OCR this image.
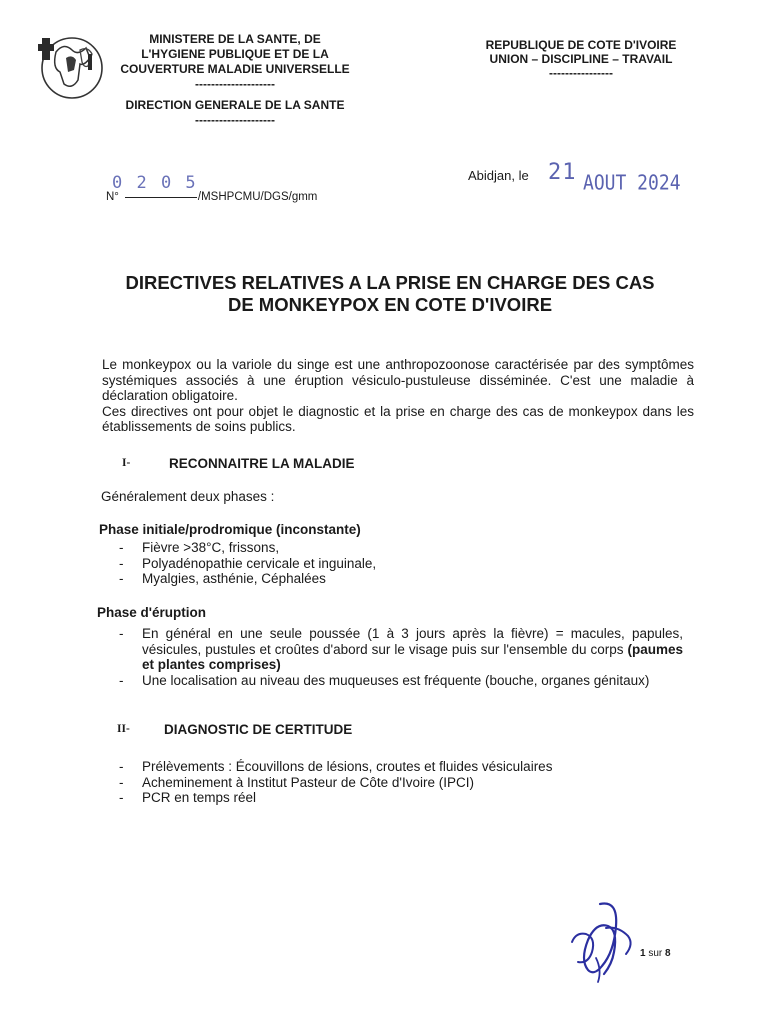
MINISTERE DE LA SANTE, DE
L'HYGIENE PUBLIQUE ET DE LA
COUVERTURE MALADIE UNIVERSELLE
--------------------
DIRECTION GENERALE DE LA SANTE
--------------------
REPUBLIQUE DE COTE D'IVOIRE
UNION – DISCIPLINE – TRAVAIL
----------------
0 2 0 5
N°	/MSHPCMU/DGS/gmm
Abidjan, le 21 AOUT 2024
DIRECTIVES RELATIVES A LA PRISE EN CHARGE DES CAS
DE MONKEYPOX EN COTE D'IVOIRE
Le monkeypox ou la variole du singe est une anthropozoonose caractérisée par des symptômes systémiques associés à une éruption vésiculo-pustuleuse disséminée. C'est une maladie à déclaration obligatoire.
Ces directives ont pour objet le diagnostic et la prise en charge des cas de monkeypox dans les établissements de soins publics.
I-	RECONNAITRE LA MALADIE
Généralement deux phases :
Phase initiale/prodromique (inconstante)
- Fièvre >38°C, frissons,
- Polyadénopathie cervicale et inguinale,
- Myalgies, asthénie, Céphalées
Phase d'éruption
- En général en une seule poussée (1 à 3 jours après la fièvre) = macules, papules, vésicules, pustules et croûtes d'abord sur le visage puis sur l'ensemble du corps (paumes et plantes comprises)
- Une localisation au niveau des muqueuses est fréquente (bouche, organes génitaux)
II-	DIAGNOSTIC DE CERTITUDE
- Prélèvements : Écouvillons de lésions, croutes et fluides vésiculaires
- Acheminement à Institut Pasteur de Côte d'Ivoire (IPCI)
- PCR en temps réel
1 sur 8
